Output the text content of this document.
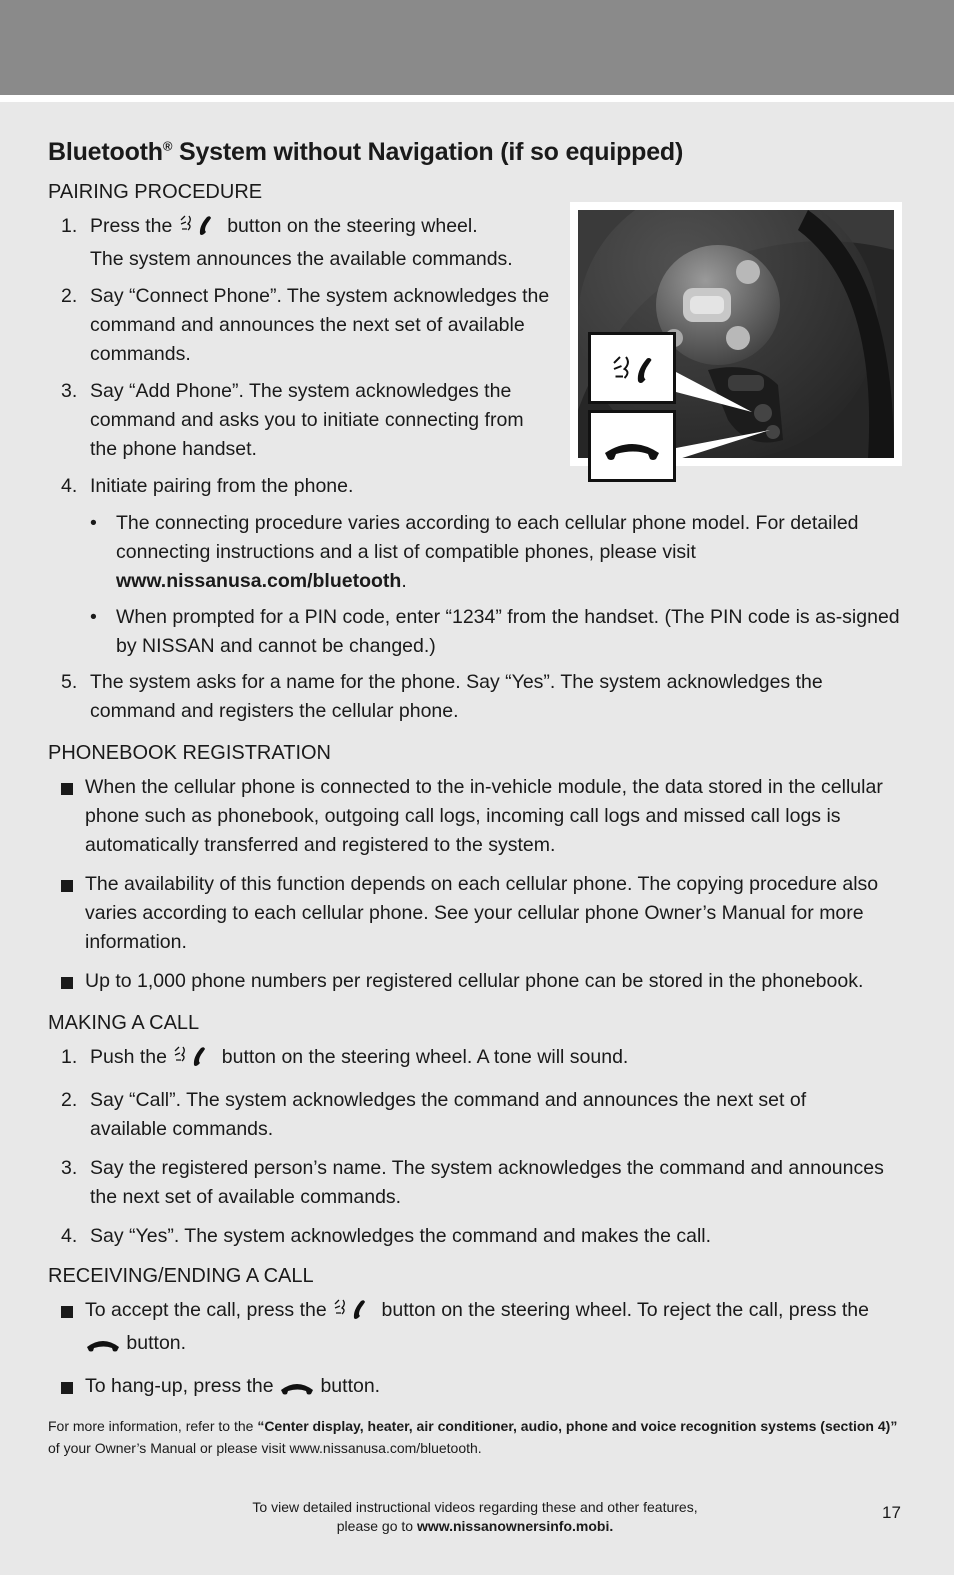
Bluetooth® System without Navigation (if so equipped)
PAIRING PROCEDURE
1. Press the  button on the steering wheel.
The system announces the available commands.
2. Say “Connect Phone”. The system acknowledges the command and announces the next set of available commands.
3. Say “Add Phone”. The system acknowledges the command and asks you to initiate connecting from the phone handset.
4. Initiate pairing from the phone.
• The connecting procedure varies according to each cellular phone model. For detailed connecting instructions and a list of compatible phones, please visit www.nissanusa.com/bluetooth.
• When prompted for a PIN code, enter “1234” from the handset. (The PIN code is as-signed by NISSAN and cannot be changed.)
5. The system asks for a name for the phone. Say “Yes”. The system acknowledges the command and registers the cellular phone.
PHONEBOOK REGISTRATION
When the cellular phone is connected to the in-vehicle module, the data stored in the cellular phone such as phonebook, outgoing call logs, incoming call logs and missed call logs is automatically transferred and registered to the system.
The availability of this function depends on each cellular phone. The copying procedure also varies according to each cellular phone. See your cellular phone Owner’s Manual for more information.
Up to 1,000 phone numbers per registered cellular phone can be stored in the phonebook.
MAKING A CALL
1. Push the  button on the steering wheel. A tone will sound.
2. Say “Call”. The system acknowledges the command and announces the next set of available commands.
3. Say the registered person’s name. The system acknowledges the command and announces the next set of available commands.
4. Say “Yes”. The system acknowledges the command and makes the call.
RECEIVING/ENDING A CALL
To accept the call, press the  button on the steering wheel. To reject the call, press the  button.
To hang-up, press the  button.
For more information, refer to the “Center display, heater, air conditioner, audio, phone and voice recognition systems (section 4)” of your Owner’s Manual or please visit www.nissanusa.com/bluetooth.
To view detailed instructional videos regarding these and other features,
please go to www.nissanownersinfo.mobi.
17
